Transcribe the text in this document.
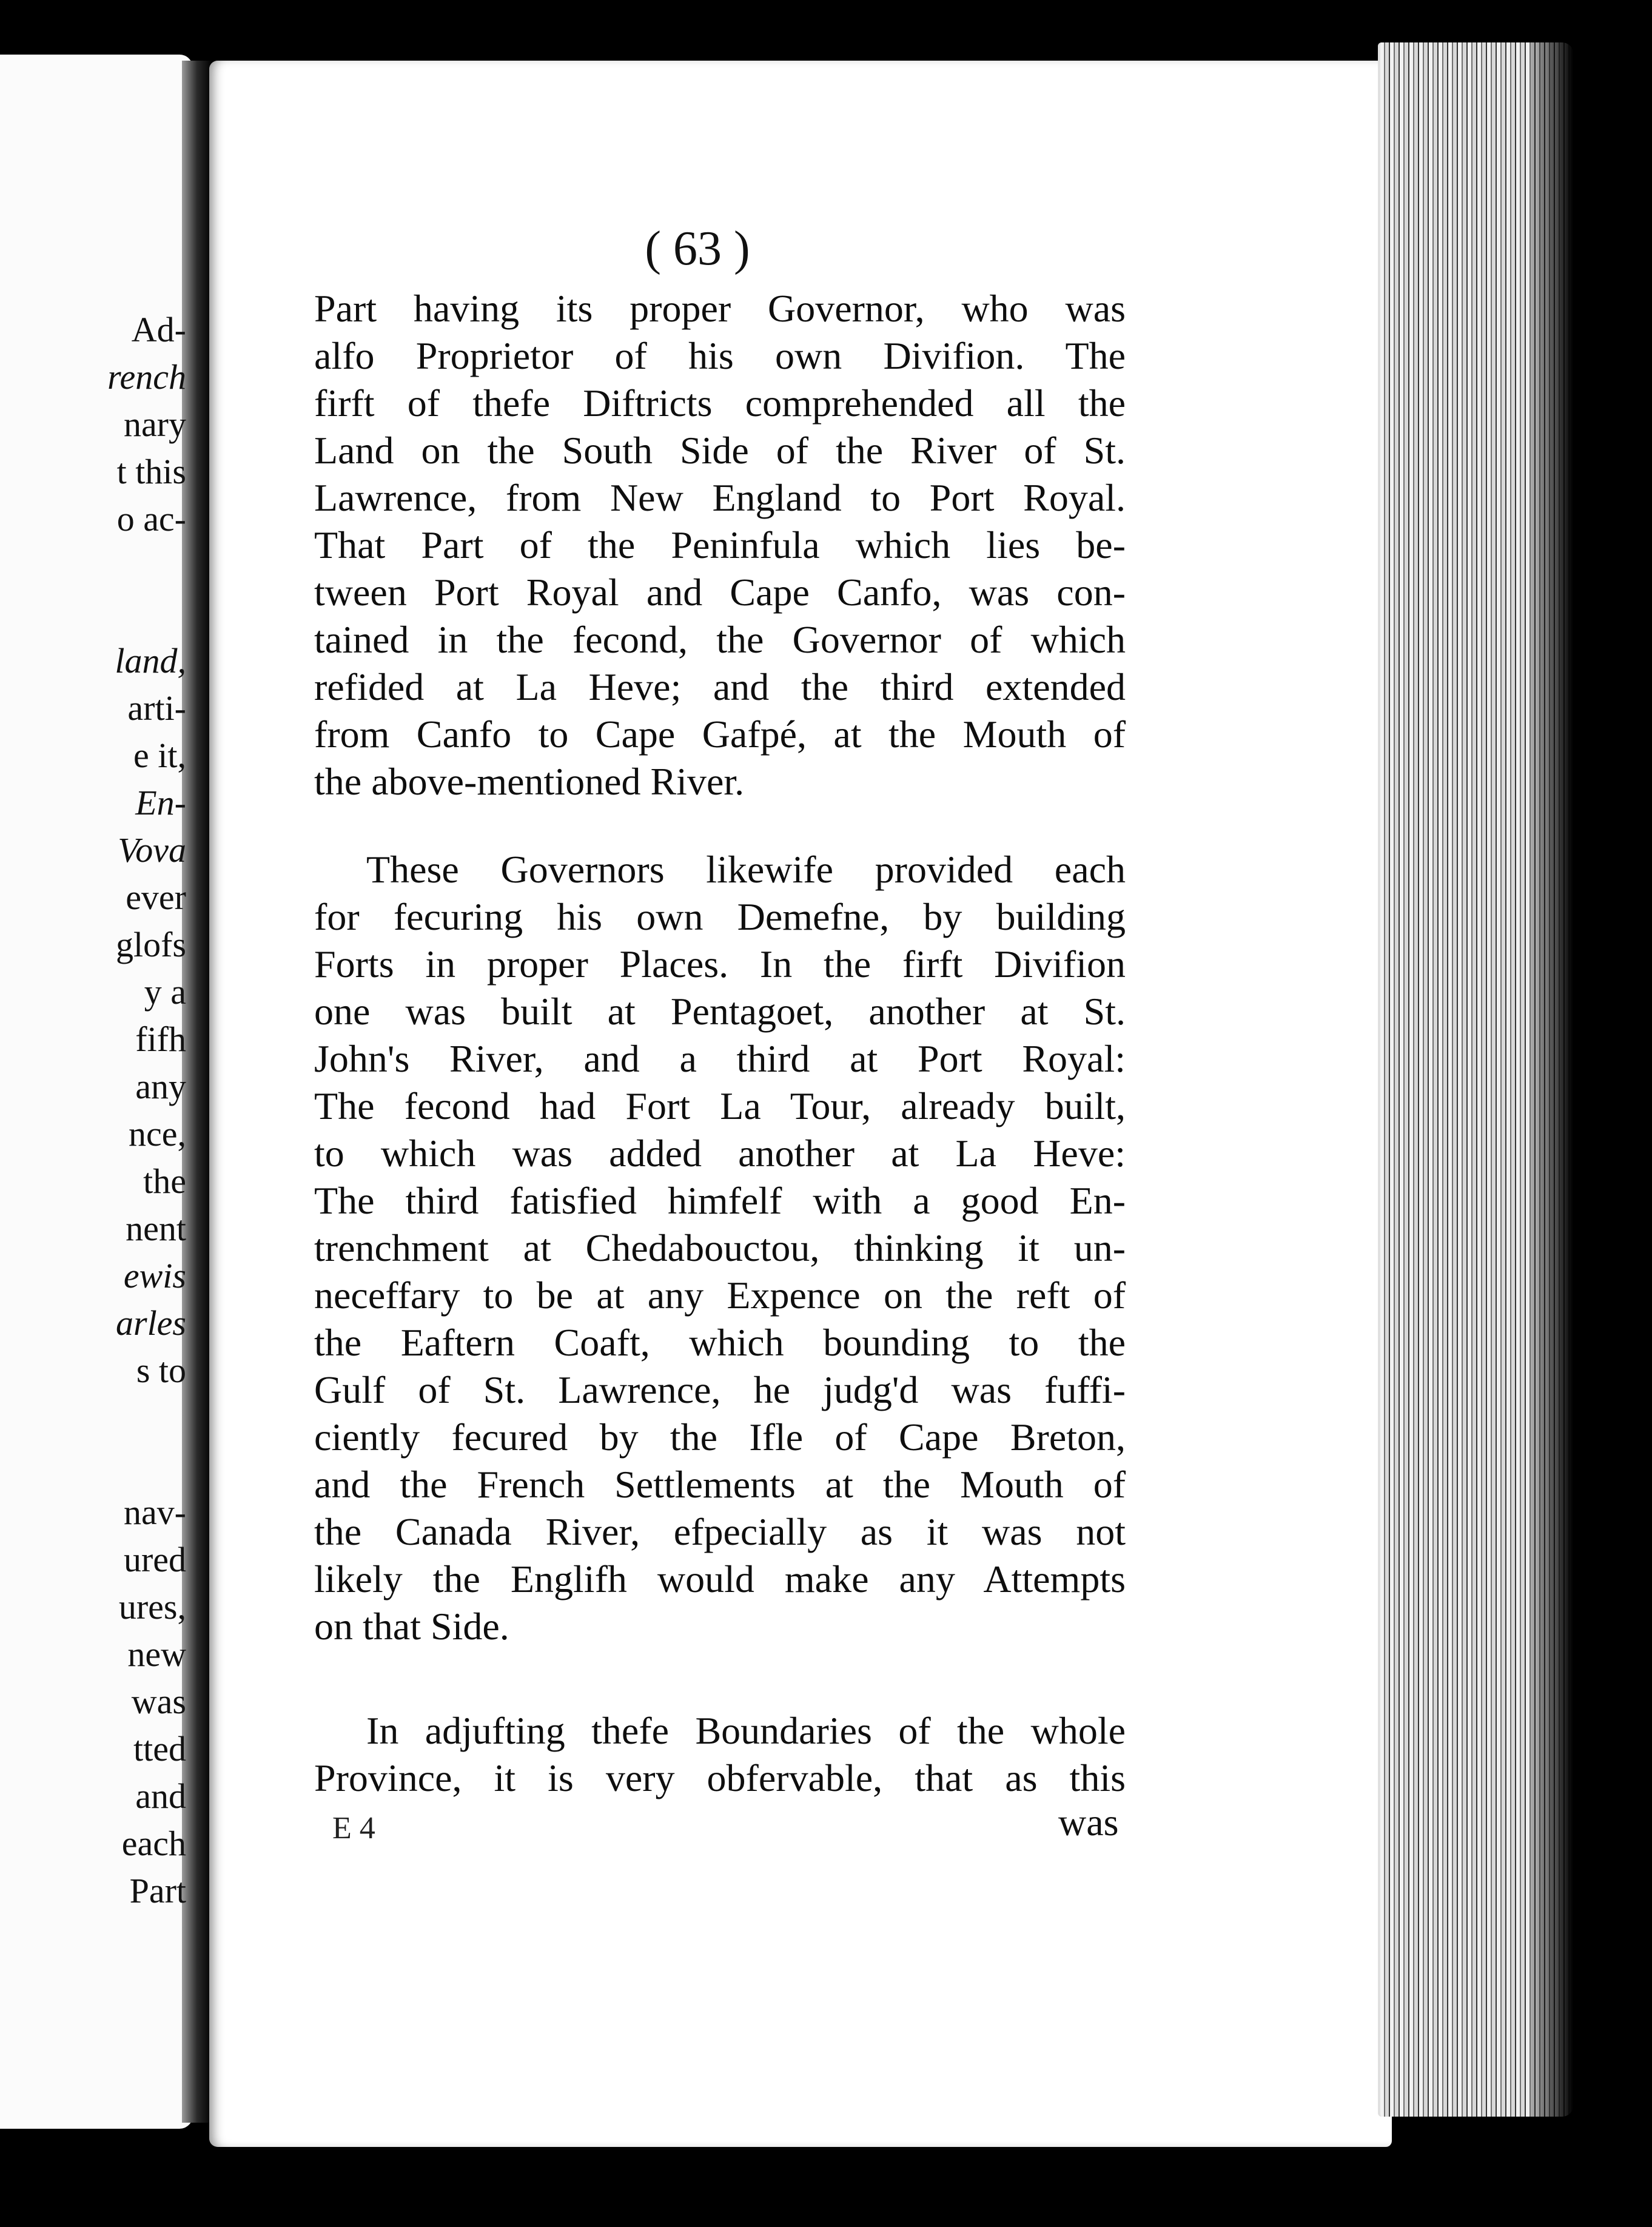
Ad-
rench
nary
t this
o ac-
land,
arti-
e it,
En-
Vova
ever
glofs
y a
fifh
any
nce,
the
nent
ewis
arles
s to
nav-
ured
ures,
new
was
tted
and
each
Part
( 63 )
Part having its proper Governor, who was
alfo Proprietor of his own Divifion. The
firft of thefe Diftricts comprehended all the
Land on the South Side of the River of St.
Lawrence, from New England to Port Royal.
That Part of the Peninfula which lies be-
tween Port Royal and Cape Canfo, was con-
tained in the fecond, the Governor of which
refided at La Heve; and the third extended
from Canfo to Cape Gafpé, at the Mouth of
the above-mentioned River.
These Governors likewife provided each
for fecuring his own Demefne, by building
Forts in proper Places. In the firft Divifion
one was built at Pentagoet, another at St.
John's River, and a third at Port Royal:
The fecond had Fort La Tour, already built,
to which was added another at La Heve:
The third fatisfied himfelf with a good En-
trenchment at Chedabouctou, thinking it un-
neceffary to be at any Expence on the reft of
the Eaftern Coaft, which bounding to the
Gulf of St. Lawrence, he judg'd was fuffi-
ciently fecured by the Ifle of Cape Breton,
and the French Settlements at the Mouth of
the Canada River, efpecially as it was not
likely the Englifh would make any Attempts
on that Side.
In adjufting thefe Boundaries of the whole
Province, it is very obfervable, that as this
E 4	was
